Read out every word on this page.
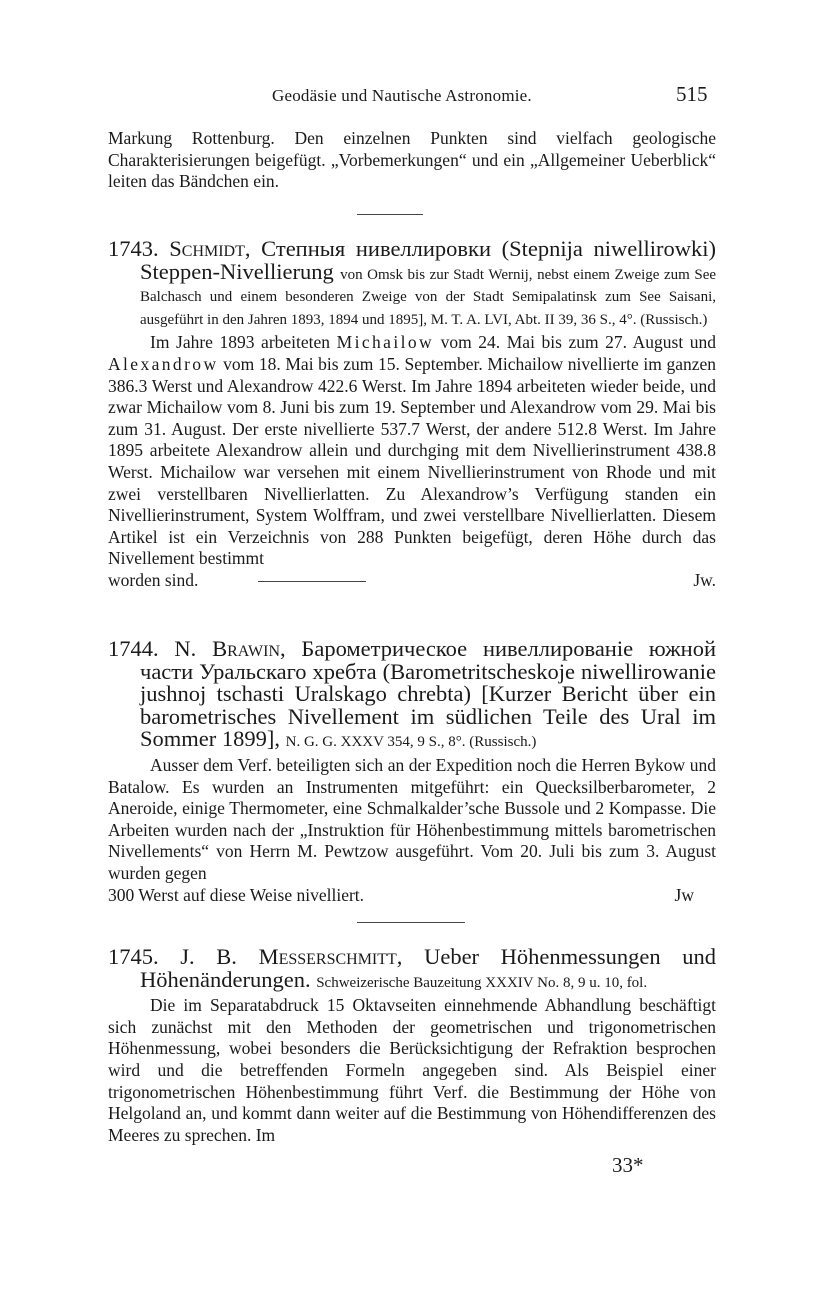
Geodäsie und Nautische Astronomie.	515

Markung Rottenburg. Den einzelnen Punkten sind vielfach geologische Charakterisierungen beigefügt. „Vorbemerkungen“ und ein „Allgemeiner Ueberblick“ leiten das Bändchen ein.

1743. Schmidt, Степныя нивеллировки (Stepnija niwellirowki) Steppen-Nivellierung von Omsk bis zur Stadt Wernij, nebst einem Zweige zum See Balchasch und einem besonderen Zweige von der Stadt Semipalatinsk zum See Saisani, ausgeführt in den Jahren 1893, 1894 und 1895], M. T. A. LVI, Abt. II 39, 36 S., 4°. (Russisch.)

Im Jahre 1893 arbeiteten Michailow vom 24. Mai bis zum 27. August und Alexandrow vom 18. Mai bis zum 15. September. Michailow nivellierte im ganzen 386.3 Werst und Alexandrow 422.6 Werst. Im Jahre 1894 arbeiteten wieder beide, und zwar Michailow vom 8. Juni bis zum 19. September und Alexandrow vom 29. Mai bis zum 31. August. Der erste nivellierte 537.7 Werst, der andere 512.8 Werst. Im Jahre 1895 arbeitete Alexandrow allein und durchging mit dem Nivellierinstrument 438.8 Werst. Michailow war versehen mit einem Nivellierinstrument von Rhode und mit zwei verstellbaren Nivellierlatten. Zu Alexandrow’s Verfügung standen ein Nivellierinstrument, System Wolffram, und zwei verstellbare Nivellierlatten. Diesem Artikel ist ein Verzeichnis von 288 Punkten beigefügt, deren Höhe durch das Nivellement bestimmt

worden sind.	Jw.

1744. N. Brawin, Барометрическое нивеллированіе южной части Уральскаго хребта (Barometritscheskoje niwellirowanie jushnoj tschasti Uralskago chrebta) [Kurzer Bericht über ein barometrisches Nivellement im südlichen Teile des Ural im Sommer 1899], N. G. G. XXXV 354, 9 S., 8°. (Russisch.)

Ausser dem Verf. beteiligten sich an der Expedition noch die Herren Bykow und Batalow. Es wurden an Instrumenten mitgeführt: ein Quecksilberbarometer, 2 Aneroide, einige Thermometer, eine Schmalkalder’sche Bussole und 2 Kompasse. Die Arbeiten wurden nach der „Instruktion für Höhenbestimmung mittels barometrischen Nivellements“ von Herrn M. Pewtzow ausgeführt. Vom 20. Juli bis zum 3. August wurden gegen

300 Werst auf diese Weise nivelliert.	Jw

1745. J. B. Messerschmitt, Ueber Höhenmessungen und Höhenänderungen. Schweizerische Bauzeitung XXXIV No. 8, 9 u. 10, fol.

Die im Separatabdruck 15 Oktavseiten einnehmende Abhandlung beschäftigt sich zunächst mit den Methoden der geometrischen und trigonometrischen Höhenmessung, wobei besonders die Berücksichtigung der Refraktion besprochen wird und die betreffenden Formeln angegeben sind. Als Beispiel einer trigonometrischen Höhenbestimmung führt Verf. die Bestimmung der Höhe von Helgoland an, und kommt dann weiter auf die Bestimmung von Höhendifferenzen des Meeres zu sprechen. Im

33*
